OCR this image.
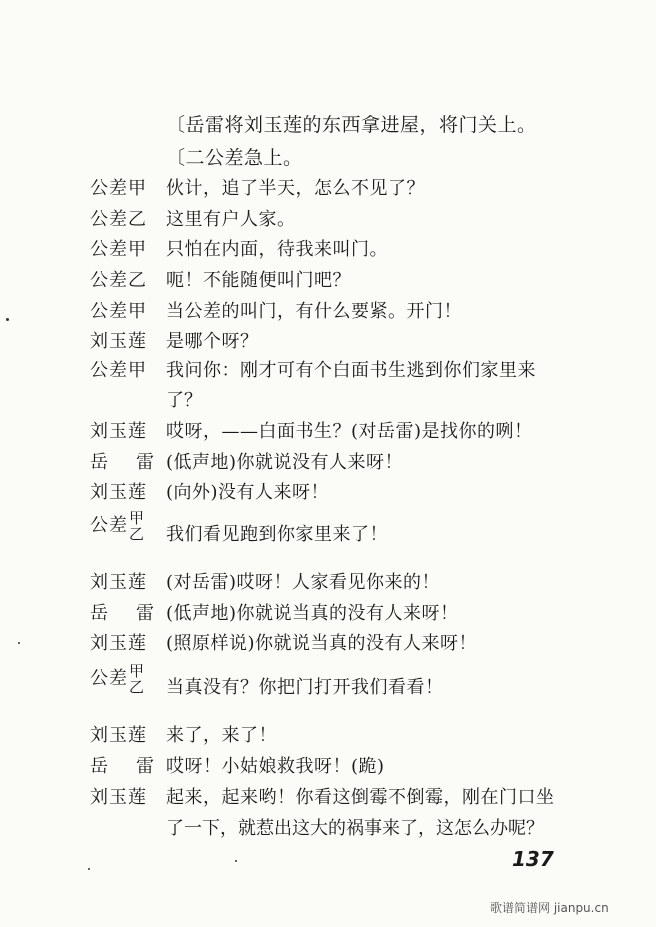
〔岳雷将刘玉莲的东西拿进屋，将门关上。
〔二公差急上。
公差甲 伙计，追了半天，怎么不见了？
公差乙 这里有户人家。
公差甲 只怕在内面，待我来叫门。
公差乙 呃！不能随便叫门吧？
公差甲 当公差的叫门，有什么要紧。开门！
刘玉莲 是哪个呀？
公差甲 我问你：刚才可有个白面书生逃到你们家里来
了？
刘玉莲 哎呀，——白面书生？(对岳雷)是找你的咧！
岳 雷 (低声地)你就说没有人来呀！
刘玉莲 (向外)没有人来呀！
公差甲
乙	我们看见跑到你家里来了！
刘玉莲 (对岳雷)哎呀！人家看见你来的！
岳 雷 (低声地)你就说当真的没有人来呀！
刘玉莲 (照原样说)你就说当真的没有人来呀！
公差甲
乙	当真没有？你把门打开我们看看！
刘玉莲 来了，来了！
岳 雷 哎呀！小姑娘救我呀！(跪)
刘玉莲 起来，起来哟！你看这倒霉不倒霉，刚在门口坐
了一下，就惹出这大的祸事来了，这怎么办呢？
137
歌谱简谱网 jianpu.cn
